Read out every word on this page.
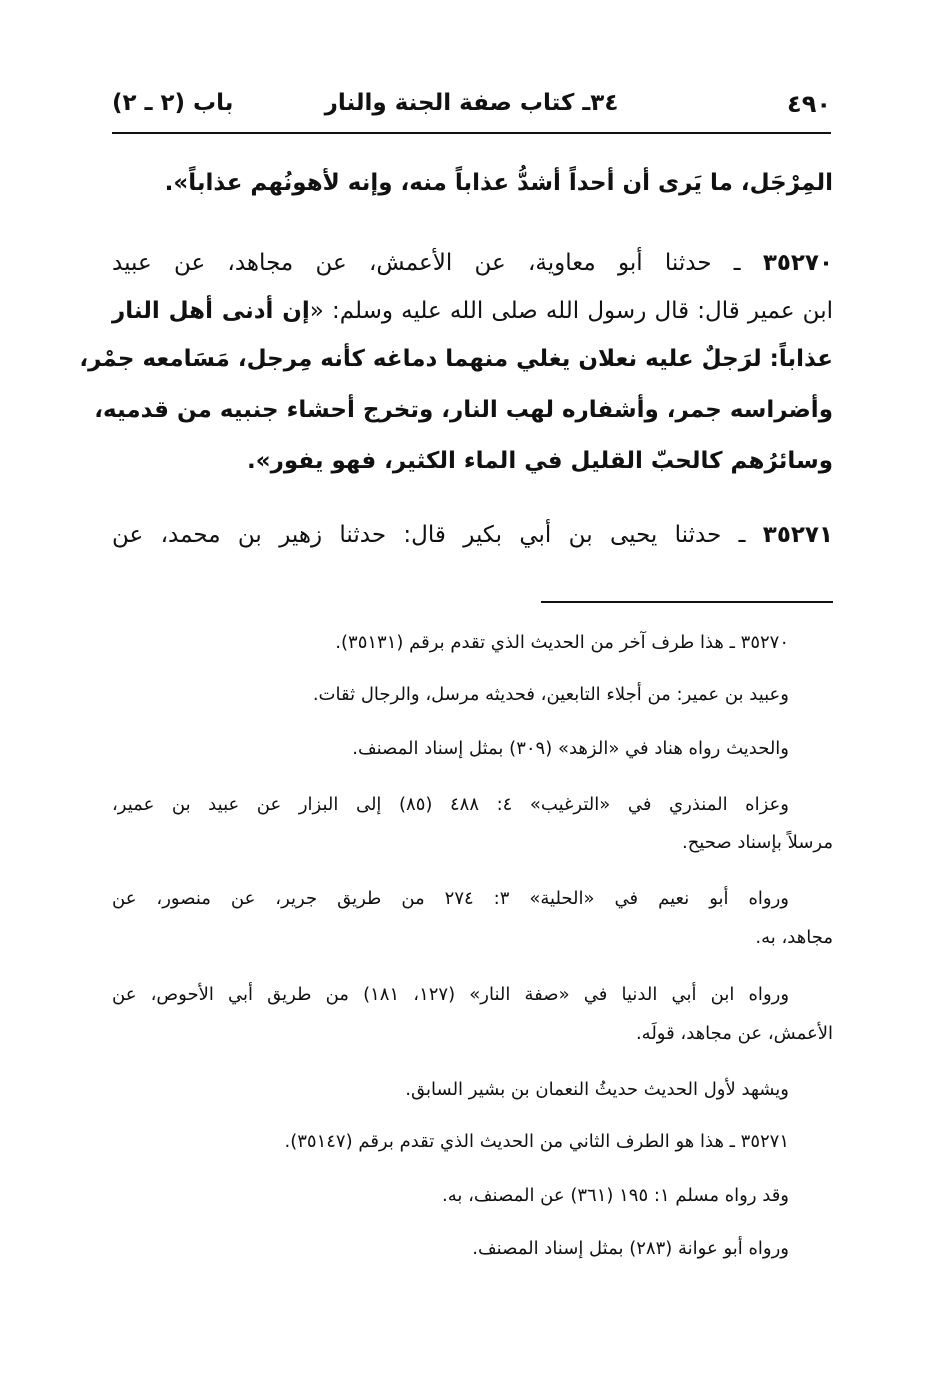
٤٩٠
٣٤ـ كتاب صفة الجنة والنار
باب (٢ ـ ٢)
المِرْجَل، ما يَرى أن أحداً أشدُّ عذاباً منه، وإنه لأهونُهم عذاباً».
٣٥٢٧٠ ـ حدثنا أبو معاوية، عن الأعمش، عن مجاهد، عن عبيد
ابن عمير قال: قال رسول الله صلى الله عليه وسلم: «إن أدنى أهل النار
عذاباً: لرَجلٌ عليه نعلان يغلي منهما دماغه كأنه مِرجل، مَسَامعه جمْر،
وأضراسه جمر، وأشفاره لهب النار، وتخرج أحشاء جنبيه من قدميه،
وسائرُهم كالحبّ القليل في الماء الكثير، فهو يفور».
٣٥٢٧١ ـ حدثنا يحيى بن أبي بكير قال: حدثنا زهير بن محمد، عن
٣٥٢٧٠ ـ هذا طرف آخر من الحديث الذي تقدم برقم (٣٥١٣١).
وعبيد بن عمير: من أجلاء التابعين، فحديثه مرسل، والرجال ثقات.
والحديث رواه هناد في «الزهد» (٣٠٩) بمثل إسناد المصنف.
وعزاه المنذري في «الترغيب» ٤: ٤٨٨ (٨٥) إلى البزار عن عبيد بن عمير،
مرسلاً بإسناد صحيح.
ورواه أبو نعيم في «الحلية» ٣: ٢٧٤ من طريق جرير، عن منصور، عن
مجاهد، به.
ورواه ابن أبي الدنيا في «صفة النار» (١٢٧، ١٨١) من طريق أبي الأحوص، عن
الأعمش، عن مجاهد، قولَه.
ويشهد لأول الحديث حديثُ النعمان بن بشير السابق.
٣٥٢٧١ ـ هذا هو الطرف الثاني من الحديث الذي تقدم برقم (٣٥١٤٧).
وقد رواه مسلم ١: ١٩٥ (٣٦١) عن المصنف، به.
ورواه أبو عوانة (٢٨٣) بمثل إسناد المصنف.
